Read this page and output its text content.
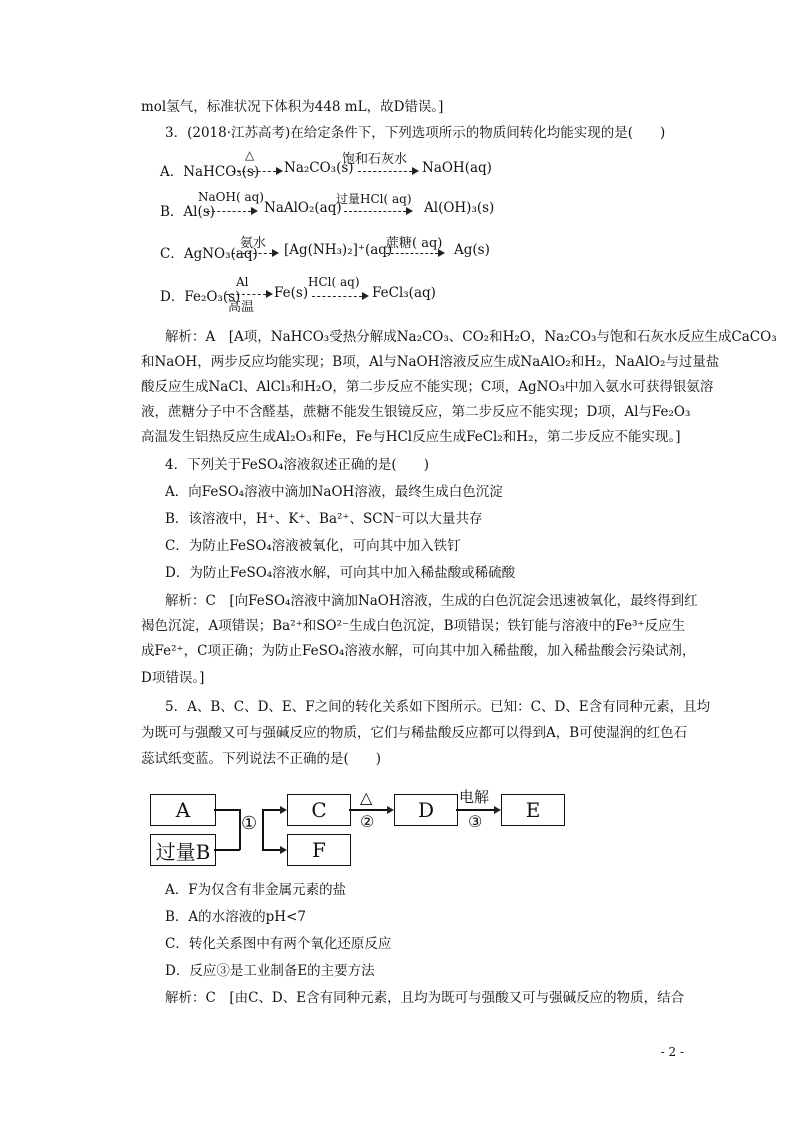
mol氢气，标准状况下体积为448 mL，故D错误。]
3．(2018·江苏高考)在给定条件下，下列选项所示的物质间转化均能实现的是(　　)
A．NaHCO₃(s)
△
Na₂CO₃(s)
饱和石灰水
NaOH(aq)
B．Al(s)
NaOH( aq)
NaAlO₂(aq)
过量HCl( aq)
Al(OH)₃(s)
C．AgNO₃(aq)
氨水 [Ag(NH₃)₂]⁺(aq)
蔗糖( aq) Ag(s)
D．Fe₂O₃(s)
Al
高温
Fe(s)
HCl( aq)
FeCl₃(aq)
解析：A　[A项，NaHCO₃受热分解成Na₂CO₃、CO₂和H₂O，Na₂CO₃与饱和石灰水反应生成CaCO₃
和NaOH，两步反应均能实现；B项，Al与NaOH溶液反应生成NaAlO₂和H₂，NaAlO₂与过量盐
酸反应生成NaCl、AlCl₃和H₂O，第二步反应不能实现；C项，AgNO₃中加入氨水可获得银氨溶
液，蔗糖分子中不含醛基，蔗糖不能发生银镜反应，第二步反应不能实现；D项，Al与Fe₂O₃
高温发生铝热反应生成Al₂O₃和Fe，Fe与HCl反应生成FeCl₂和H₂，第二步反应不能实现。]
4．下列关于FeSO₄溶液叙述正确的是(　　)
A．向FeSO₄溶液中滴加NaOH溶液，最终生成白色沉淀
B．该溶液中，H⁺、K⁺、Ba²⁺、SCN⁻可以大量共存
C．为防止FeSO₄溶液被氧化，可向其中加入铁钉
D．为防止FeSO₄溶液水解，可向其中加入稀盐酸或稀硫酸
解析：C　[向FeSO₄溶液中滴加NaOH溶液，生成的白色沉淀会迅速被氧化，最终得到红
褐色沉淀，A项错误；Ba²⁺和SO²⁻生成白色沉淀，B项错误；铁钉能与溶液中的Fe³⁺反应生
成Fe²⁺，C项正确；为防止FeSO₄溶液水解，可向其中加入稀盐酸，加入稀盐酸会污染试剂，
D项错误。]
5．A、B、C、D、E、F之间的转化关系如下图所示。已知：C、D、E含有同种元素，且均
为既可与强酸又可与强碱反应的物质，它们与稀盐酸反应都可以得到A，B可使湿润的红色石
蕊试纸变蓝。下列说法不正确的是(　　)
A
过量B
①
C
F
△
②	D
电解
③	E
A．F为仅含有非金属元素的盐
B．A的水溶液的pH<7
C．转化关系图中有两个氧化还原反应
D．反应③是工业制备E的主要方法
解析：C　[由C、D、E含有同种元素，且均为既可与强酸又可与强碱反应的物质，结合
- 2 -
